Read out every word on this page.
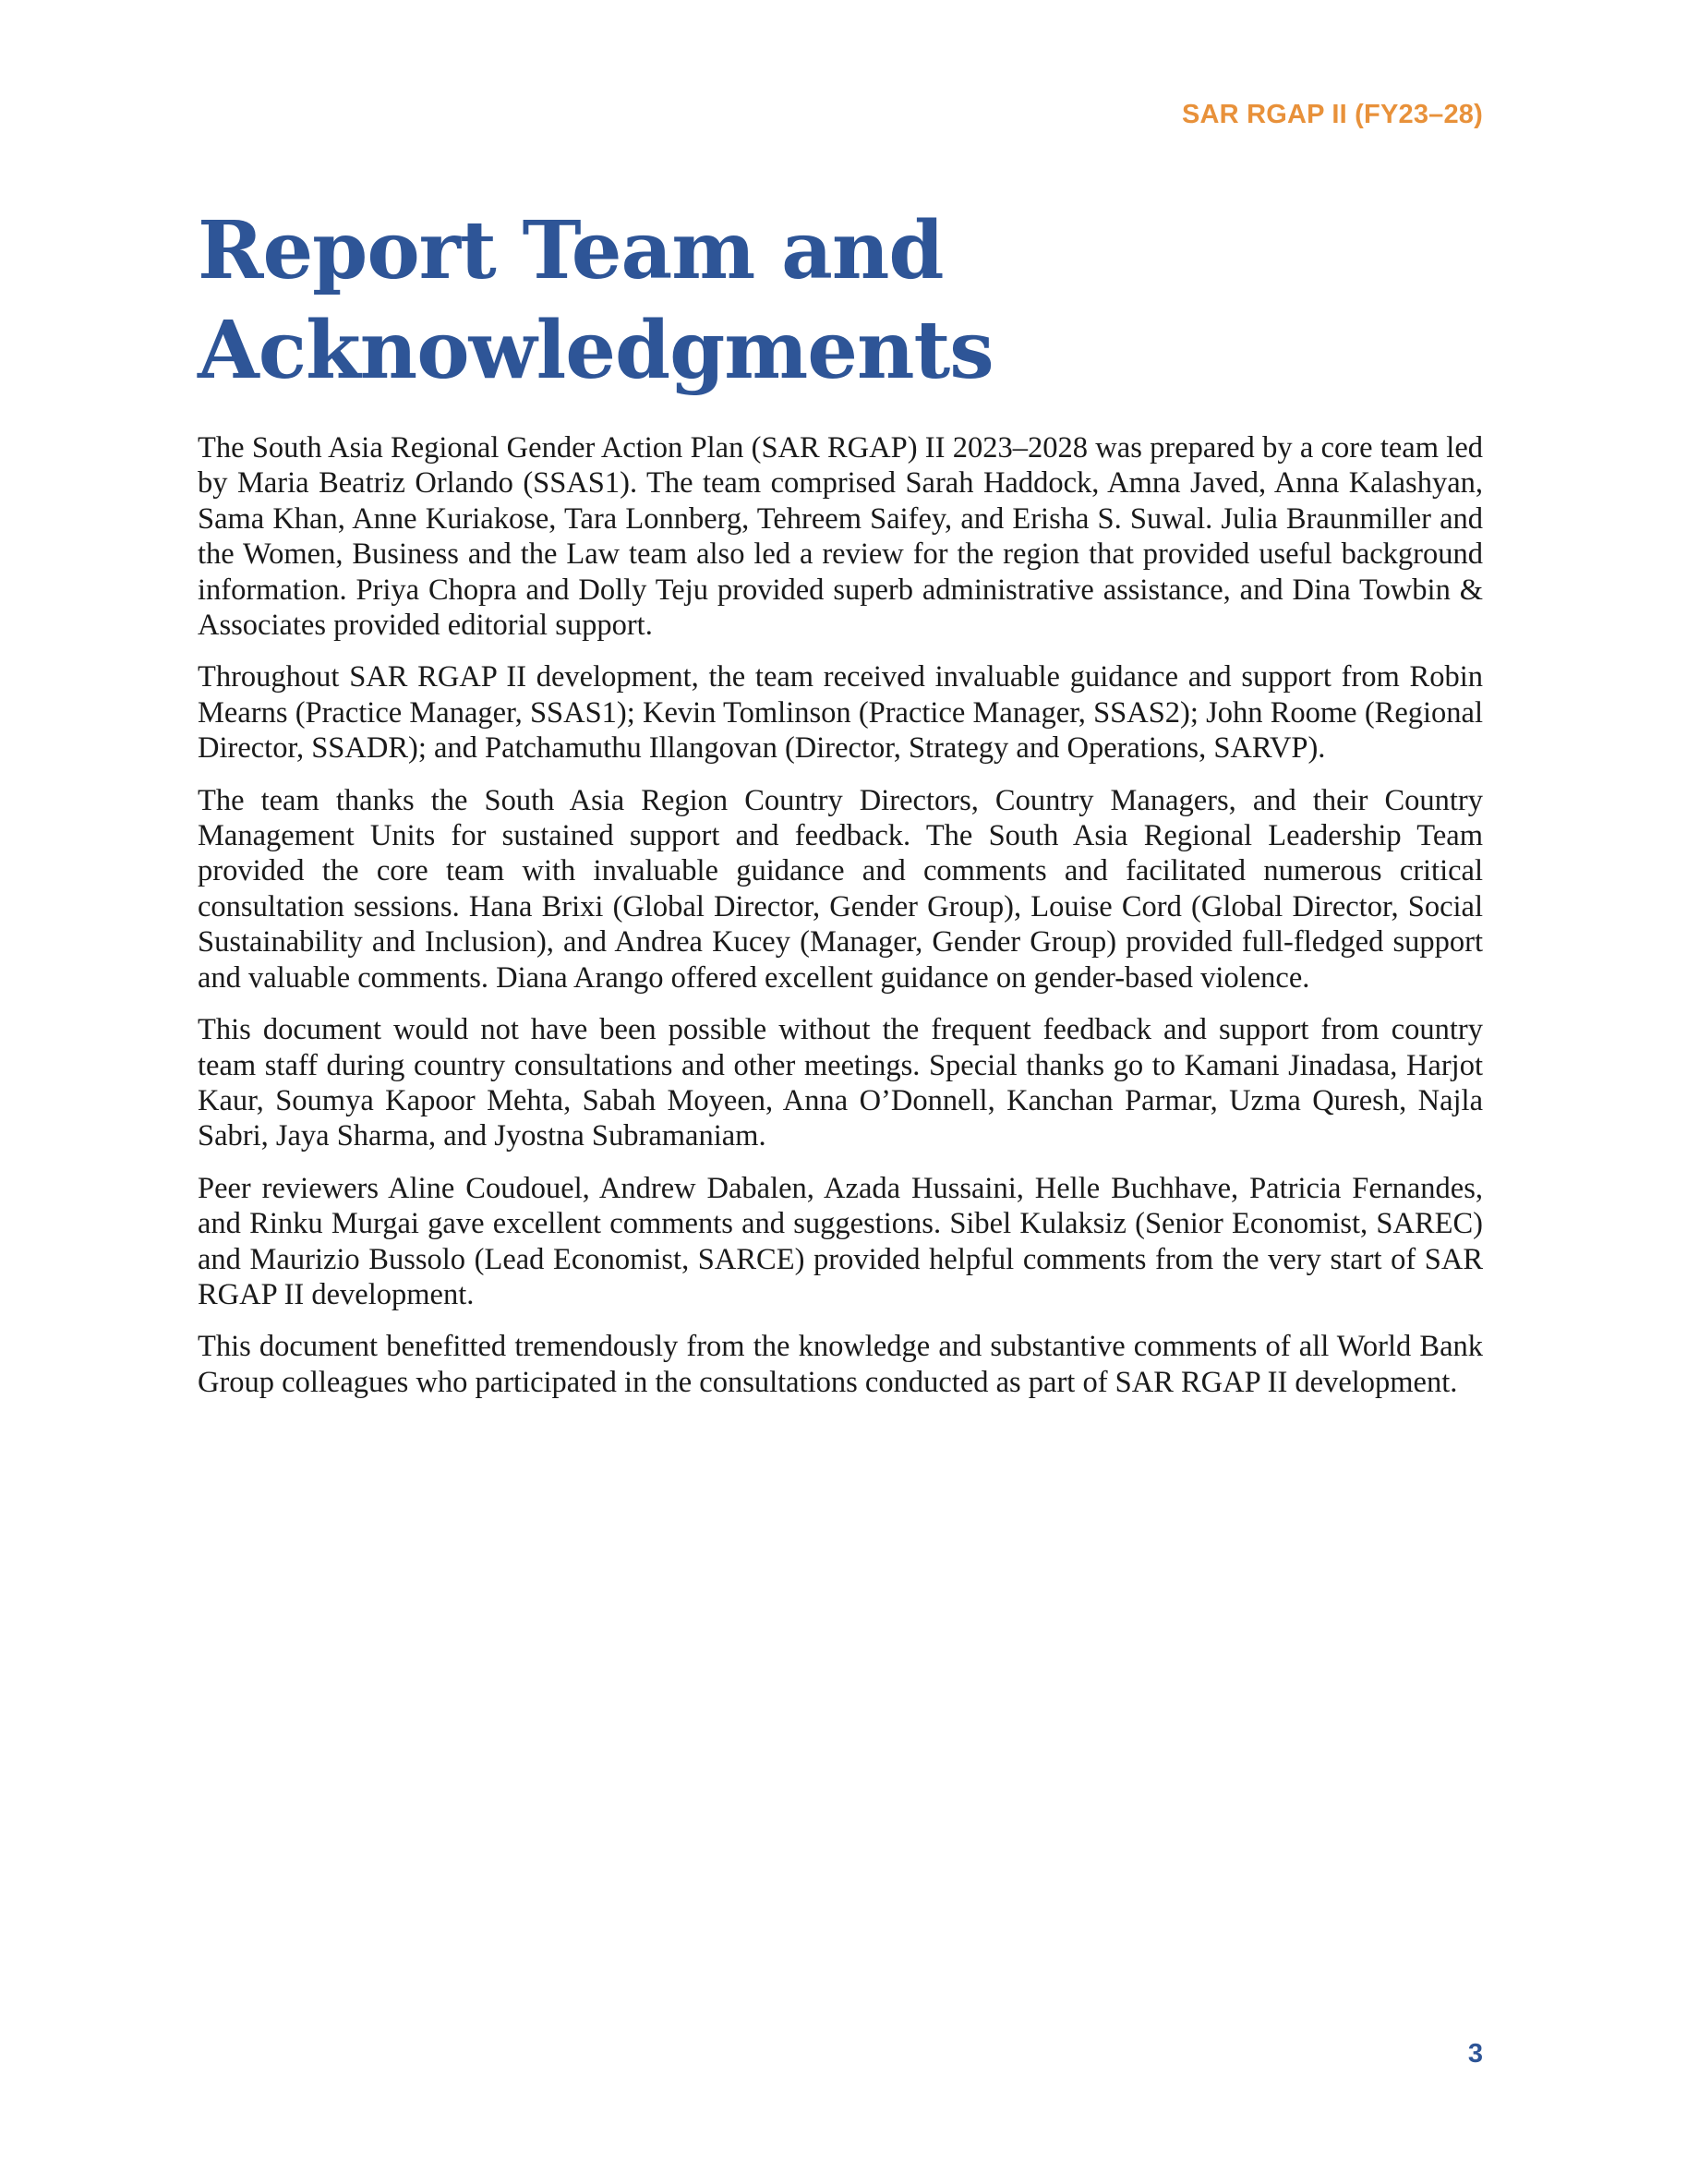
SAR RGAP II (FY23–28)
Report Team and
Acknowledgments

The South Asia Regional Gender Action Plan (SAR RGAP) II 2023–2028 was prepared by a core team led by Maria Beatriz Orlando (SSAS1). The team comprised Sarah Haddock, Amna Javed, Anna Kalashyan, Sama Khan, Anne Kuriakose, Tara Lonnberg, Tehreem Saifey, and Erisha S. Suwal. Julia Braunmiller and the Women, Business and the Law team also led a review for the region that provided useful background information. Priya Chopra and Dolly Teju provided superb administrative assistance, and Dina Towbin & Associates provided editorial support.

Throughout SAR RGAP II development, the team received invaluable guidance and support from Robin Mearns (Practice Manager, SSAS1); Kevin Tomlinson (Practice Manager, SSAS2); John Roome (Regional Director, SSADR); and Patchamuthu Illangovan (Director, Strategy and Operations, SARVP).

The team thanks the South Asia Region Country Directors, Country Managers, and their Country Management Units for sustained support and feedback. The South Asia Regional Leadership Team provided the core team with invaluable guidance and comments and facilitated numerous critical consultation sessions. Hana Brixi (Global Director, Gender Group), Louise Cord (Global Director, Social Sustainability and Inclusion), and Andrea Kucey (Manager, Gender Group) provided full-fledged support and valuable comments. Diana Arango offered excellent guidance on gender-based violence.

This document would not have been possible without the frequent feedback and support from country team staff during country consultations and other meetings. Special thanks go to Kamani Jinadasa, Harjot Kaur, Soumya Kapoor Mehta, Sabah Moyeen, Anna O’Donnell, Kanchan Parmar, Uzma Quresh, Najla Sabri, Jaya Sharma, and Jyostna Subramaniam.

Peer reviewers Aline Coudouel, Andrew Dabalen, Azada Hussaini, Helle Buchhave, Patricia Fernandes, and Rinku Murgai gave excellent comments and suggestions. Sibel Kulaksiz (Senior Economist, SAREC) and Maurizio Bussolo (Lead Economist, SARCE) provided helpful comments from the very start of SAR RGAP II development.

This document benefitted tremendously from the knowledge and substantive comments of all World Bank Group colleagues who participated in the consultations conducted as part of SAR RGAP II development.

3
